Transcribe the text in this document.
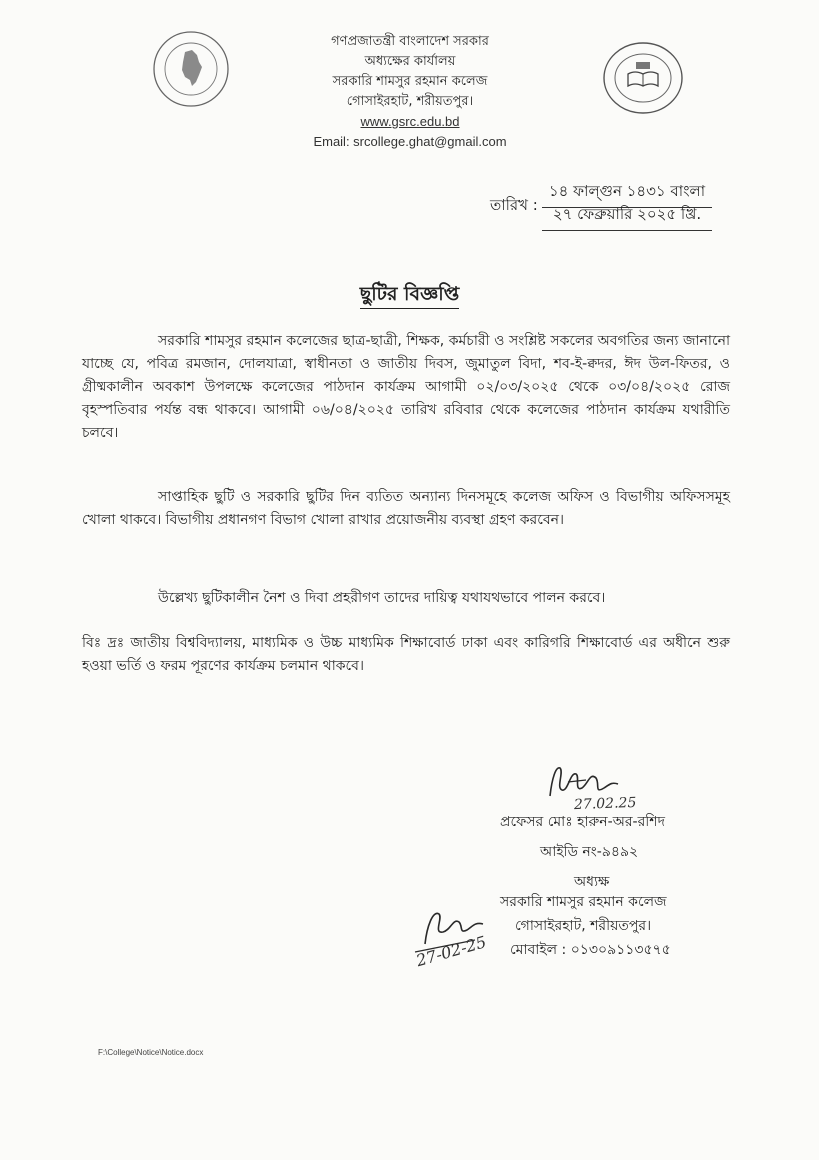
গণপ্রজাতন্ত্রী বাংলাদেশ সরকার
অধ্যক্ষের কার্যালয়
সরকারি শামসুর রহমান কলেজ
গোসাইরহাট, শরীয়তপুর।
www.gsrc.edu.bd
Email: srcollege.ghat@gmail.com
তারিখ :
১৪ ফাল্গুন ১৪৩১ বাংলা
২৭ ফেব্রুয়ারি ২০২৫ খ্রি.
ছুটির বিজ্ঞপ্তি
সরকারি শামসুর রহমান কলেজের ছাত্র-ছাত্রী, শিক্ষক, কর্মচারী ও সংশ্লিষ্ট সকলের অবগতির জন্য জানানো যাচ্ছে যে, পবিত্র রমজান, দোলযাত্রা, স্বাধীনতা ও জাতীয় দিবস, জুমাতুল বিদা, শব-ই-ক্বদর, ঈদ উল-ফিতর, ও গ্রীষ্মকালীন অবকাশ উপলক্ষে কলেজের পাঠদান কার্যক্রম আগামী ০২/০৩/২০২৫ থেকে ০৩/০৪/২০২৫ রোজ বৃহস্পতিবার পর্যন্ত বন্ধ থাকবে। আগামী ০৬/০৪/২০২৫ তারিখ রবিবার থেকে কলেজের পাঠদান কার্যক্রম যথারীতি চলবে।
সাপ্তাহিক ছুটি ও সরকারি ছুটির দিন ব্যতিত অন্যান্য দিনসমূহে কলেজ অফিস ও বিভাগীয় অফিসসমূহ খোলা থাকবে। বিভাগীয় প্রধানগণ বিভাগ খোলা রাখার প্রয়োজনীয় ব্যবস্থা গ্রহণ করবেন।
উল্লেখ্য ছুটিকালীন নৈশ ও দিবা প্রহরীগণ তাদের দায়িত্ব যথাযথভাবে পালন করবে।
বিঃ দ্রঃ জাতীয় বিশ্ববিদ্যালয়, মাধ্যমিক ও উচ্চ মাধ্যমিক শিক্ষাবোর্ড ঢাকা এবং কারিগরি শিক্ষাবোর্ড এর অধীনে শুরু হওয়া ভর্তি ও ফরম পূরণের কার্যক্রম চলমান থাকবে।
27.02.25
27-02-25
প্রফেসর মোঃ হারুন-অর-রশিদ
আইডি নং-৯৪৯২
অধ্যক্ষ
সরকারি শামসুর রহমান কলেজ
গোসাইরহাট, শরীয়তপুর।
মোবাইল : ০১৩০৯১১৩৫৭৫
F:\College\Notice\Notice.docx
